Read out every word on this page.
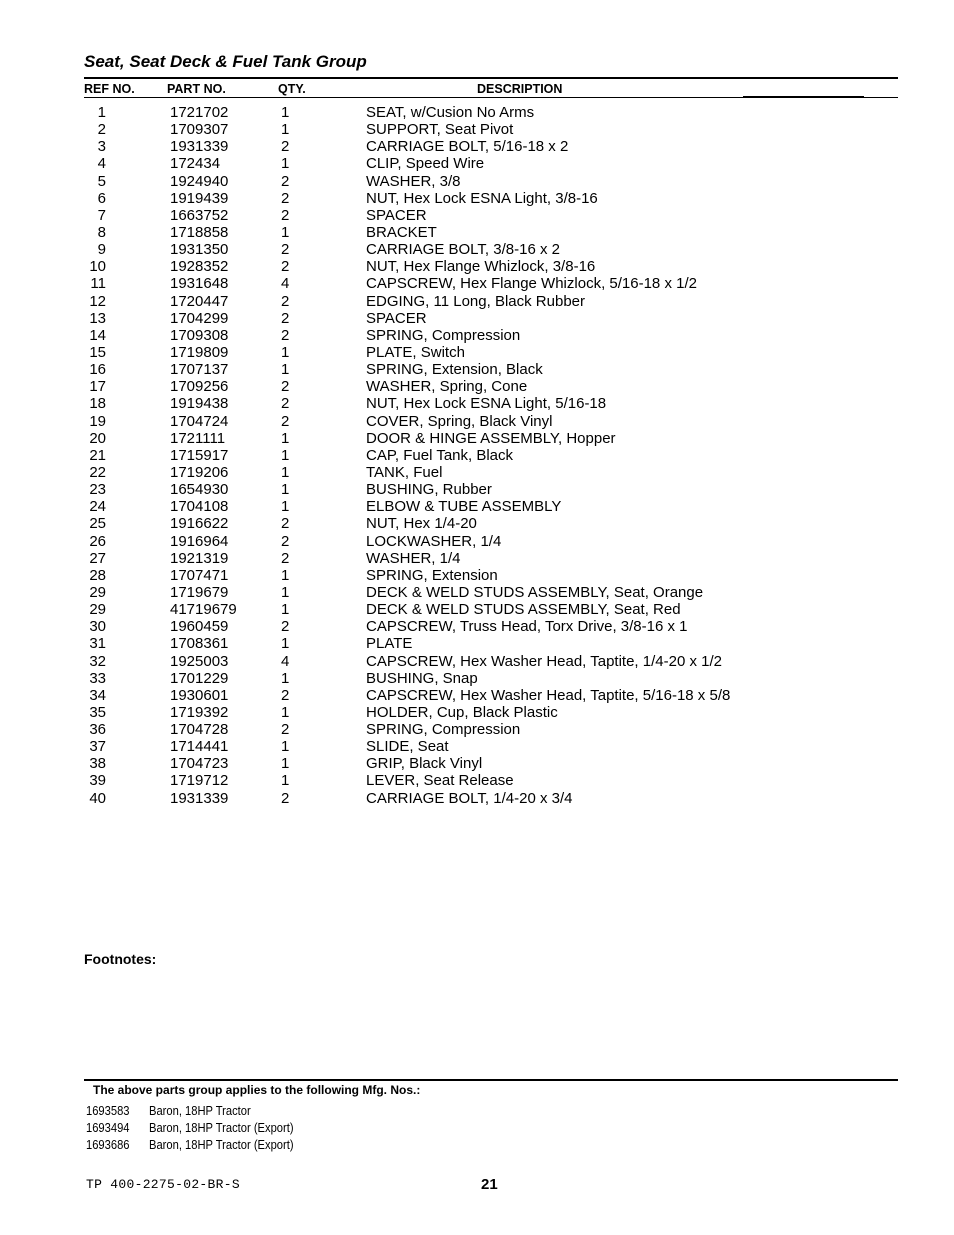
Seat, Seat Deck & Fuel Tank Group
REF NO.	PART NO.	QTY.	DESCRIPTION
1	1721702	1	SEAT, w/Cusion No Arms
2	1709307	1	SUPPORT, Seat Pivot
3	1931339	2	CARRIAGE BOLT, 5/16-18 x 2
4	172434	1	CLIP, Speed Wire
5	1924940	2	WASHER, 3/8
6	1919439	2	NUT, Hex Lock ESNA Light, 3/8-16
7	1663752	2	SPACER
8	1718858	1	BRACKET
9	1931350	2	CARRIAGE BOLT, 3/8-16 x 2
10	1928352	2	NUT, Hex Flange Whizlock, 3/8-16
11	1931648	4	CAPSCREW, Hex Flange Whizlock, 5/16-18 x 1/2
12	1720447	2	EDGING, 11 Long, Black Rubber
13	1704299	2	SPACER
14	1709308	2	SPRING, Compression
15	1719809	1	PLATE, Switch
16	1707137	1	SPRING, Extension, Black
17	1709256	2	WASHER, Spring, Cone
18	1919438	2	NUT, Hex Lock ESNA Light, 5/16-18
19	1704724	2	COVER, Spring, Black Vinyl
20	1721111	1	DOOR & HINGE ASSEMBLY, Hopper
21	1715917	1	CAP, Fuel Tank, Black
22	1719206	1	TANK, Fuel
23	1654930	1	BUSHING, Rubber
24	1704108	1	ELBOW & TUBE ASSEMBLY
25	1916622	2	NUT, Hex 1/4-20
26	1916964	2	LOCKWASHER, 1/4
27	1921319	2	WASHER, 1/4
28	1707471	1	SPRING, Extension
29	1719679	1	DECK & WELD STUDS ASSEMBLY, Seat, Orange
29	41719679	1	DECK & WELD STUDS ASSEMBLY, Seat, Red
30	1960459	2	CAPSCREW, Truss Head, Torx Drive, 3/8-16 x 1
31	1708361	1	PLATE
32	1925003	4	CAPSCREW, Hex Washer Head, Taptite, 1/4-20 x 1/2
33	1701229	1	BUSHING, Snap
34	1930601	2	CAPSCREW, Hex Washer Head, Taptite, 5/16-18 x 5/8
35	1719392	1	HOLDER, Cup, Black Plastic
36	1704728	2	SPRING, Compression
37	1714441	1	SLIDE, Seat
38	1704723	1	GRIP, Black Vinyl
39	1719712	1	LEVER, Seat Release
40	1931339	2	CARRIAGE BOLT, 1/4-20 x 3/4
Footnotes:
The above parts group applies to the following Mfg. Nos.:
1693583 Baron, 18HP Tractor
1693494 Baron, 18HP Tractor (Export)
1693686 Baron, 18HP Tractor (Export)
TP 400-2275-02-BR-S	21
